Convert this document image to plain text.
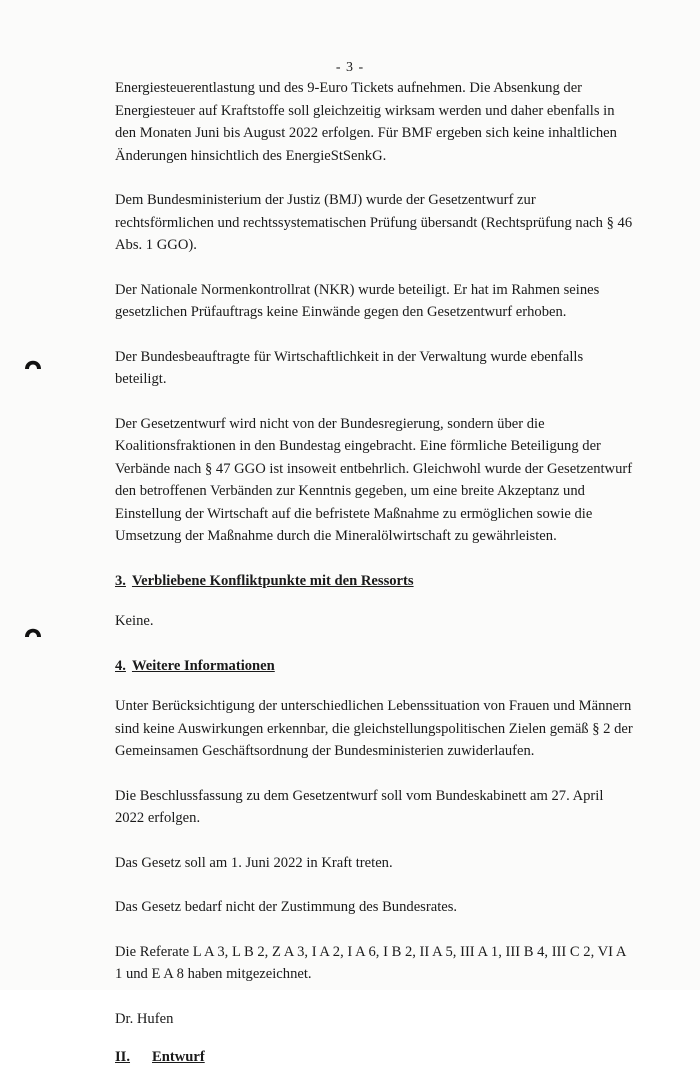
- 3 -

Energiesteuerentlastung und des 9-Euro Tickets aufnehmen. Die Absenkung der Energiesteuer auf Kraftstoffe soll gleichzeitig wirksam werden und daher ebenfalls in den Monaten Juni bis August 2022 erfolgen. Für BMF ergeben sich keine inhaltlichen Änderungen hinsichtlich des EnergieStSenkG.

Dem Bundesministerium der Justiz (BMJ) wurde der Gesetzentwurf zur rechtsförmlichen und rechtssystematischen Prüfung übersandt (Rechtsprüfung nach § 46 Abs. 1 GGO).

Der Nationale Normenkontrollrat (NKR) wurde beteiligt. Er hat im Rahmen seines gesetzlichen Prüfauftrags keine Einwände gegen den Gesetzentwurf erhoben.

Der Bundesbeauftragte für Wirtschaftlichkeit in der Verwaltung wurde ebenfalls beteiligt.

Der Gesetzentwurf wird nicht von der Bundesregierung, sondern über die Koalitionsfraktionen in den Bundestag eingebracht. Eine förmliche Beteiligung der Verbände nach § 47 GGO ist insoweit entbehrlich. Gleichwohl wurde der Gesetzentwurf den betroffenen Verbänden zur Kenntnis gegeben, um eine breite Akzeptanz und Einstellung der Wirtschaft auf die befristete Maßnahme zu ermöglichen sowie die Umsetzung der Maßnahme durch die Mineralölwirtschaft zu gewährleisten.

3. Verbliebene Konfliktpunkte mit den Ressorts

Keine.

4. Weitere Informationen

Unter Berücksichtigung der unterschiedlichen Lebenssituation von Frauen und Männern sind keine Auswirkungen erkennbar, die gleichstellungspolitischen Zielen gemäß § 2 der Gemeinsamen Geschäftsordnung der Bundesministerien zuwiderlaufen.

Die Beschlussfassung zu dem Gesetzentwurf soll vom Bundeskabinett am 27. April 2022 erfolgen.

Das Gesetz soll am 1. Juni 2022 in Kraft treten.

Das Gesetz bedarf nicht der Zustimmung des Bundesrates.

Die Referate L A 3, L B 2, Z A 3, I A 2, I A 6, I B 2, II A 5, III A 1, III B 4, III C 2, VI A 1 und E A 8 haben mitgezeichnet.

Dr. Hufen

II. Entwurf
